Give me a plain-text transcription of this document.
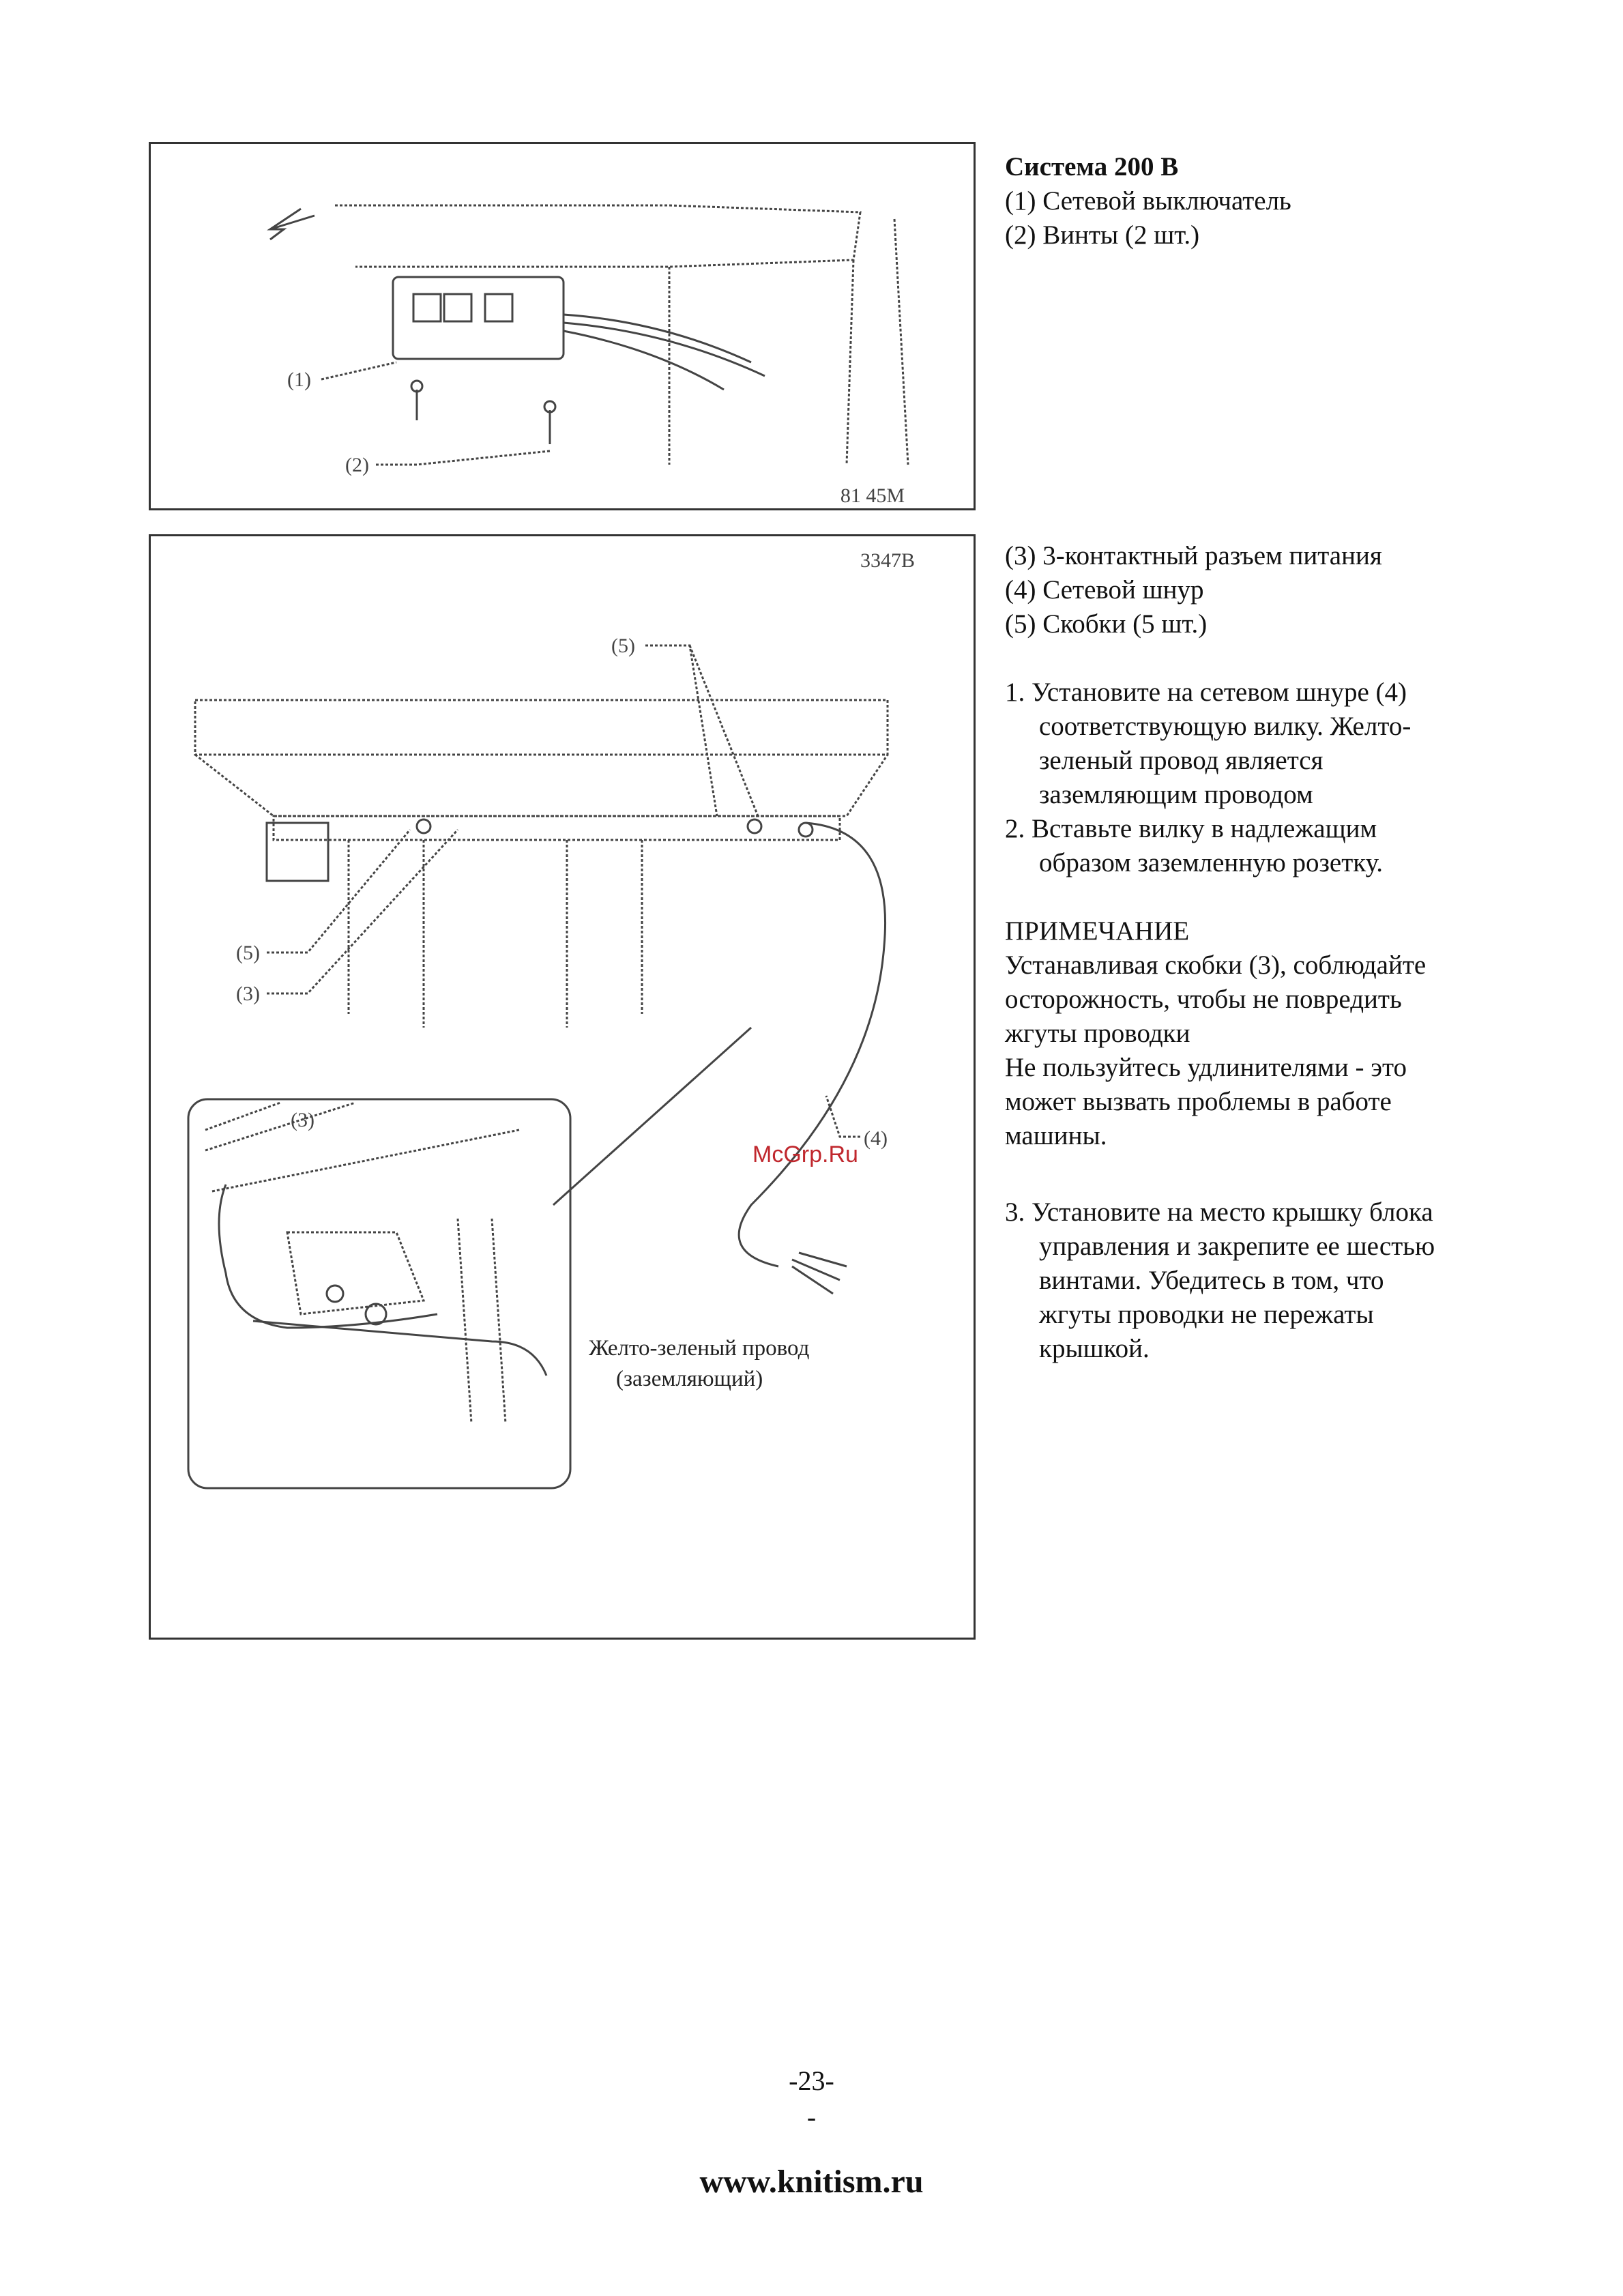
(1)
(2)
81 45M
3347B
(5)
(5)
(3)
(4)
(3)
Желто-зеленый провод
(заземляющий)

Система 200 В

(1) Сетевой выключатель

(2) Винты (2 шт.)

(3) 3-контактный разъем питания

(4) Сетевой шнур

(5) Скобки (5 шт.)

1. Установите на сетевом шнуре (4)

соответствующую вилку. Желто-

зеленый провод является

заземляющим проводом

2. Вставьте вилку в надлежащим

образом заземленную розетку.

ПРИМЕЧАНИЕ

Устанавливая скобки (3), соблюдайте

осторожность, чтобы не повредить

жгуты проводки

Не пользуйтесь удлинителями - это

может вызвать проблемы в работе

машины.

3. Установите на место крышку блока

управления и закрепите ее шестью

винтами. Убедитесь в том, что

жгуты проводки не пережаты

крышкой.

McGrp.Ru
-23-
-
www.knitism.ru
